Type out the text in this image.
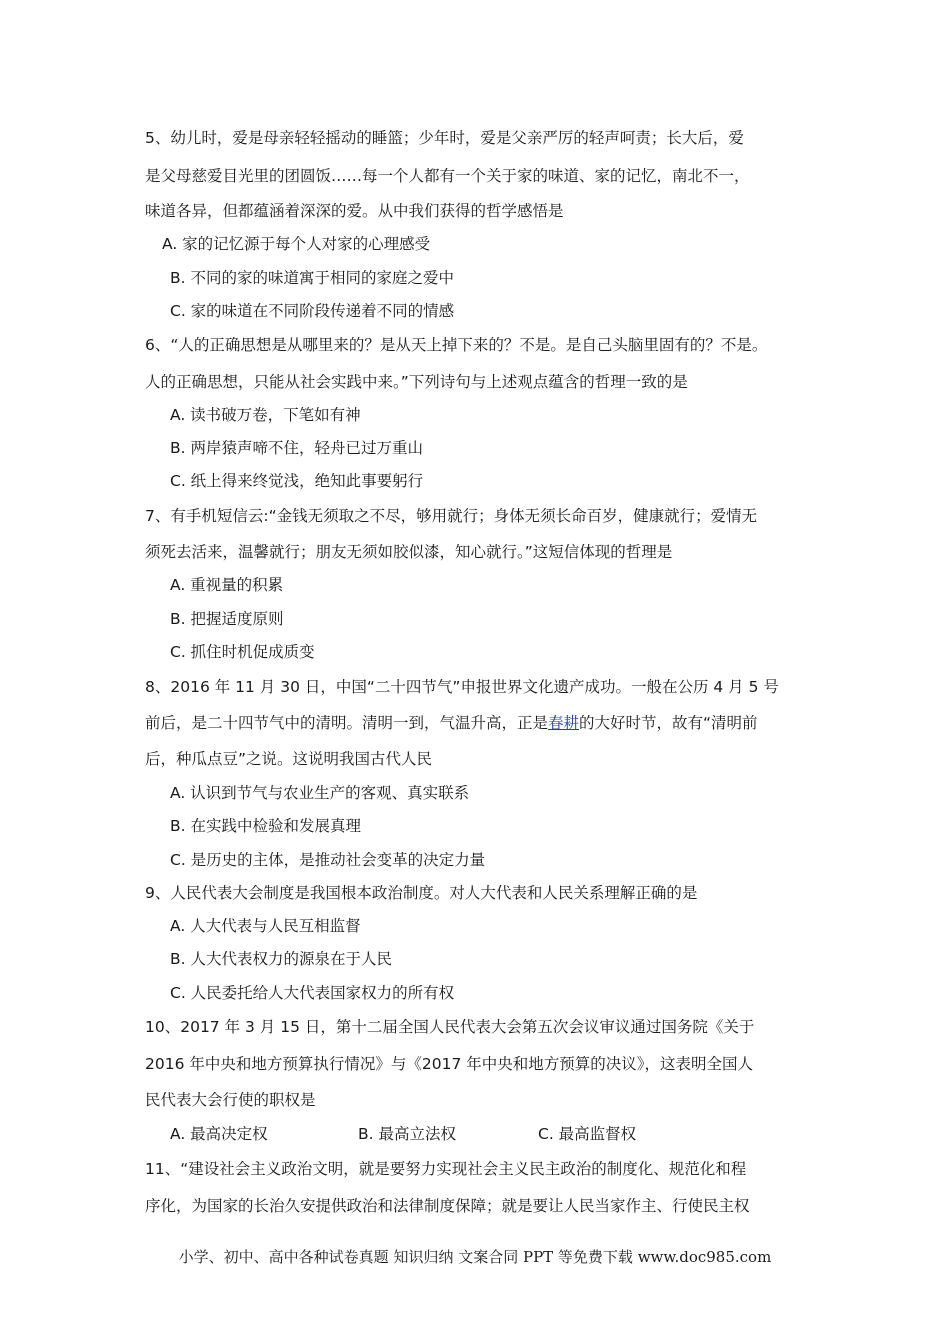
5、幼儿时，爱是母亲轻轻摇动的睡篮；少年时，爱是父亲严厉的轻声呵责；长大后，爱
是父母慈爱目光里的团圆饭……每一个人都有一个关于家的味道、家的记忆，南北不一，
味道各异，但都蕴涵着深深的爱。从中我们获得的哲学感悟是
A. 家的记忆源于每个人对家的心理感受
B. 不同的家的味道寓于相同的家庭之爱中
C. 家的味道在不同阶段传递着不同的情感
6、“人的正确思想是从哪里来的？是从天上掉下来的？不是。是自己头脑里固有的？不是。
人的正确思想，只能从社会实践中来。”下列诗句与上述观点蕴含的哲理一致的是
A. 读书破万卷，下笔如有神
B. 两岸猿声啼不住，轻舟已过万重山
C. 纸上得来终觉浅，绝知此事要躬行
7、有手机短信云:“金钱无须取之不尽，够用就行；身体无须长命百岁，健康就行；爱情无
须死去活来，温馨就行；朋友无须如胶似漆，知心就行。”这短信体现的哲理是
A. 重视量的积累
B. 把握适度原则
C. 抓住时机促成质变
8、2016 年 11 月 30 日，中国“二十四节气”申报世界文化遗产成功。一般在公历 4 月 5 号
前后，是二十四节气中的清明。清明一到，气温升高，正是春耕的大好时节，故有“清明前
后，种瓜点豆”之说。这说明我国古代人民
A. 认识到节气与农业生产的客观、真实联系
B. 在实践中检验和发展真理
C. 是历史的主体，是推动社会变革的决定力量
9、人民代表大会制度是我国根本政治制度。对人大代表和人民关系理解正确的是
A. 人大代表与人民互相监督
B. 人大代表权力的源泉在于人民
C. 人民委托给人大代表国家权力的所有权
10、2017 年 3 月 15 日，第十二届全国人民代表大会第五次会议审议通过国务院《关于
2016 年中央和地方预算执行情况》与《2017 年中央和地方预算的决议》，这表明全国人
民代表大会行使的职权是
A. 最高决定权	B. 最高立法权	C. 最高监督权
11、“建设社会主义政治文明，就是要努力实现社会主义民主政治的制度化、规范化和程
序化，为国家的长治久安提供政治和法律制度保障；就是要让人民当家作主、行使民主权
小学、初中、高中各种试卷真题 知识归纳 文案合同 PPT 等免费下载 www.doc985.com
